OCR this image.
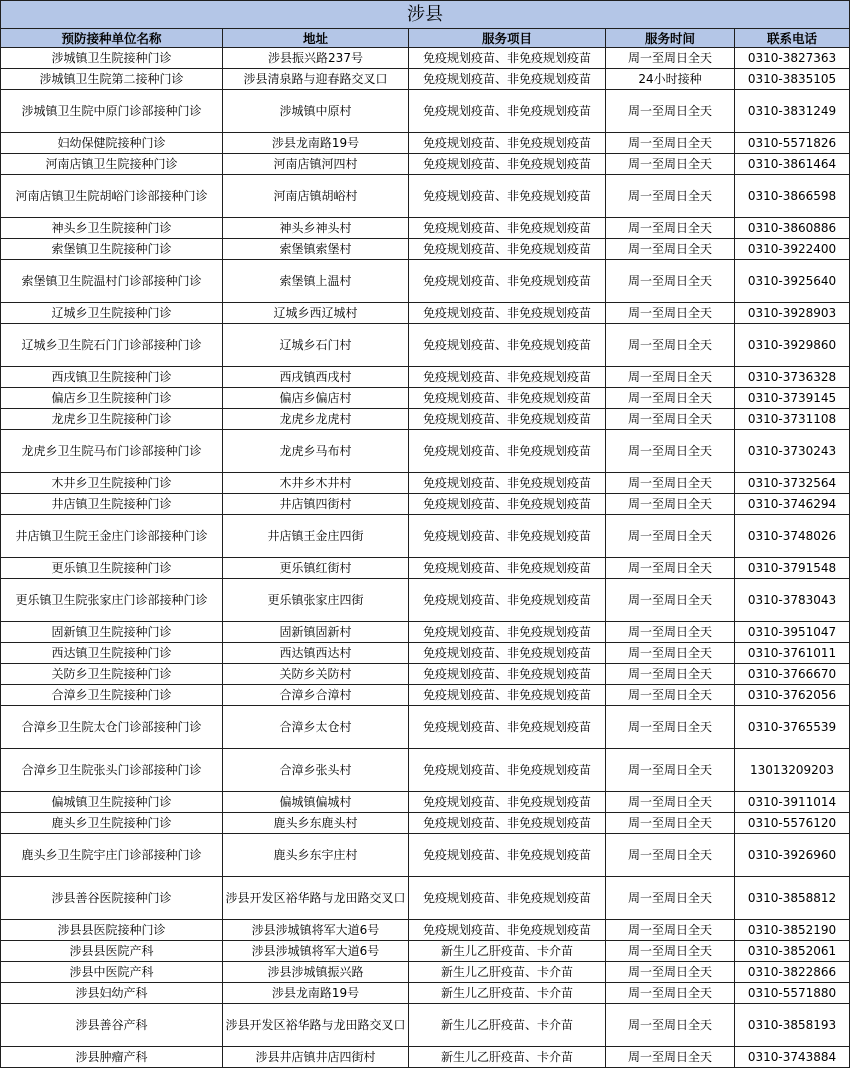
涉县				
预防接种单位名称	地址	服务项目	服务时间	联系电话
涉城镇卫生院接种门诊	涉县振兴路237号	免疫规划疫苗、非免疫规划疫苗	周一至周日全天	0310-3827363
涉城镇卫生院第二接种门诊	涉县清泉路与迎春路交叉口	免疫规划疫苗、非免疫规划疫苗	24小时接种	0310-3835105
涉城镇卫生院中原门诊部接种门诊	涉城镇中原村	免疫规划疫苗、非免疫规划疫苗	周一至周日全天	0310-3831249
妇幼保健院接种门诊	涉县龙南路19号	免疫规划疫苗、非免疫规划疫苗	周一至周日全天	0310-5571826
河南店镇卫生院接种门诊	河南店镇河四村	免疫规划疫苗、非免疫规划疫苗	周一至周日全天	0310-3861464
河南店镇卫生院胡峪门诊部接种门诊	河南店镇胡峪村	免疫规划疫苗、非免疫规划疫苗	周一至周日全天	0310-3866598
神头乡卫生院接种门诊	神头乡神头村	免疫规划疫苗、非免疫规划疫苗	周一至周日全天	0310-3860886
索堡镇卫生院接种门诊	索堡镇索堡村	免疫规划疫苗、非免疫规划疫苗	周一至周日全天	0310-3922400
索堡镇卫生院温村门诊部接种门诊	索堡镇上温村	免疫规划疫苗、非免疫规划疫苗	周一至周日全天	0310-3925640
辽城乡卫生院接种门诊	辽城乡西辽城村	免疫规划疫苗、非免疫规划疫苗	周一至周日全天	0310-3928903
辽城乡卫生院石门门诊部接种门诊	辽城乡石门村	免疫规划疫苗、非免疫规划疫苗	周一至周日全天	0310-3929860
西戌镇卫生院接种门诊	西戌镇西戌村	免疫规划疫苗、非免疫规划疫苗	周一至周日全天	0310-3736328
偏店乡卫生院接种门诊	偏店乡偏店村	免疫规划疫苗、非免疫规划疫苗	周一至周日全天	0310-3739145
龙虎乡卫生院接种门诊	龙虎乡龙虎村	免疫规划疫苗、非免疫规划疫苗	周一至周日全天	0310-3731108
龙虎乡卫生院马布门诊部接种门诊	龙虎乡马布村	免疫规划疫苗、非免疫规划疫苗	周一至周日全天	0310-3730243
木井乡卫生院接种门诊	木井乡木井村	免疫规划疫苗、非免疫规划疫苗	周一至周日全天	0310-3732564
井店镇卫生院接种门诊	井店镇四街村	免疫规划疫苗、非免疫规划疫苗	周一至周日全天	0310-3746294
井店镇卫生院王金庄门诊部接种门诊	井店镇王金庄四街	免疫规划疫苗、非免疫规划疫苗	周一至周日全天	0310-3748026
更乐镇卫生院接种门诊	更乐镇红街村	免疫规划疫苗、非免疫规划疫苗	周一至周日全天	0310-3791548
更乐镇卫生院张家庄门诊部接种门诊	更乐镇张家庄四街	免疫规划疫苗、非免疫规划疫苗	周一至周日全天	0310-3783043
固新镇卫生院接种门诊	固新镇固新村	免疫规划疫苗、非免疫规划疫苗	周一至周日全天	0310-3951047
西达镇卫生院接种门诊	西达镇西达村	免疫规划疫苗、非免疫规划疫苗	周一至周日全天	0310-3761011
关防乡卫生院接种门诊	关防乡关防村	免疫规划疫苗、非免疫规划疫苗	周一至周日全天	0310-3766670
合漳乡卫生院接种门诊	合漳乡合漳村	免疫规划疫苗、非免疫规划疫苗	周一至周日全天	0310-3762056
合漳乡卫生院太仓门诊部接种门诊	合漳乡太仓村	免疫规划疫苗、非免疫规划疫苗	周一至周日全天	0310-3765539
合漳乡卫生院张头门诊部接种门诊	合漳乡张头村	免疫规划疫苗、非免疫规划疫苗	周一至周日全天	13013209203
偏城镇卫生院接种门诊	偏城镇偏城村	免疫规划疫苗、非免疫规划疫苗	周一至周日全天	0310-3911014
鹿头乡卫生院接种门诊	鹿头乡东鹿头村	免疫规划疫苗、非免疫规划疫苗	周一至周日全天	0310-5576120
鹿头乡卫生院宇庄门诊部接种门诊	鹿头乡东宇庄村	免疫规划疫苗、非免疫规划疫苗	周一至周日全天	0310-3926960
涉县善谷医院接种门诊	涉县开发区裕华路与龙田路交叉口	免疫规划疫苗、非免疫规划疫苗	周一至周日全天	0310-3858812
涉县县医院接种门诊	涉县涉城镇将军大道6号	免疫规划疫苗、非免疫规划疫苗	周一至周日全天	0310-3852190
涉县县医院产科	涉县涉城镇将军大道6号	新生儿乙肝疫苗、卡介苗	周一至周日全天	0310-3852061
涉县中医院产科	涉县涉城镇振兴路	新生儿乙肝疫苗、卡介苗	周一至周日全天	0310-3822866
涉县妇幼产科	涉县龙南路19号	新生儿乙肝疫苗、卡介苗	周一至周日全天	0310-5571880
涉县善谷产科	涉县开发区裕华路与龙田路交叉口	新生儿乙肝疫苗、卡介苗	周一至周日全天	0310-3858193
涉县肿瘤产科	涉县井店镇井店四街村	新生儿乙肝疫苗、卡介苗	周一至周日全天	0310-3743884
